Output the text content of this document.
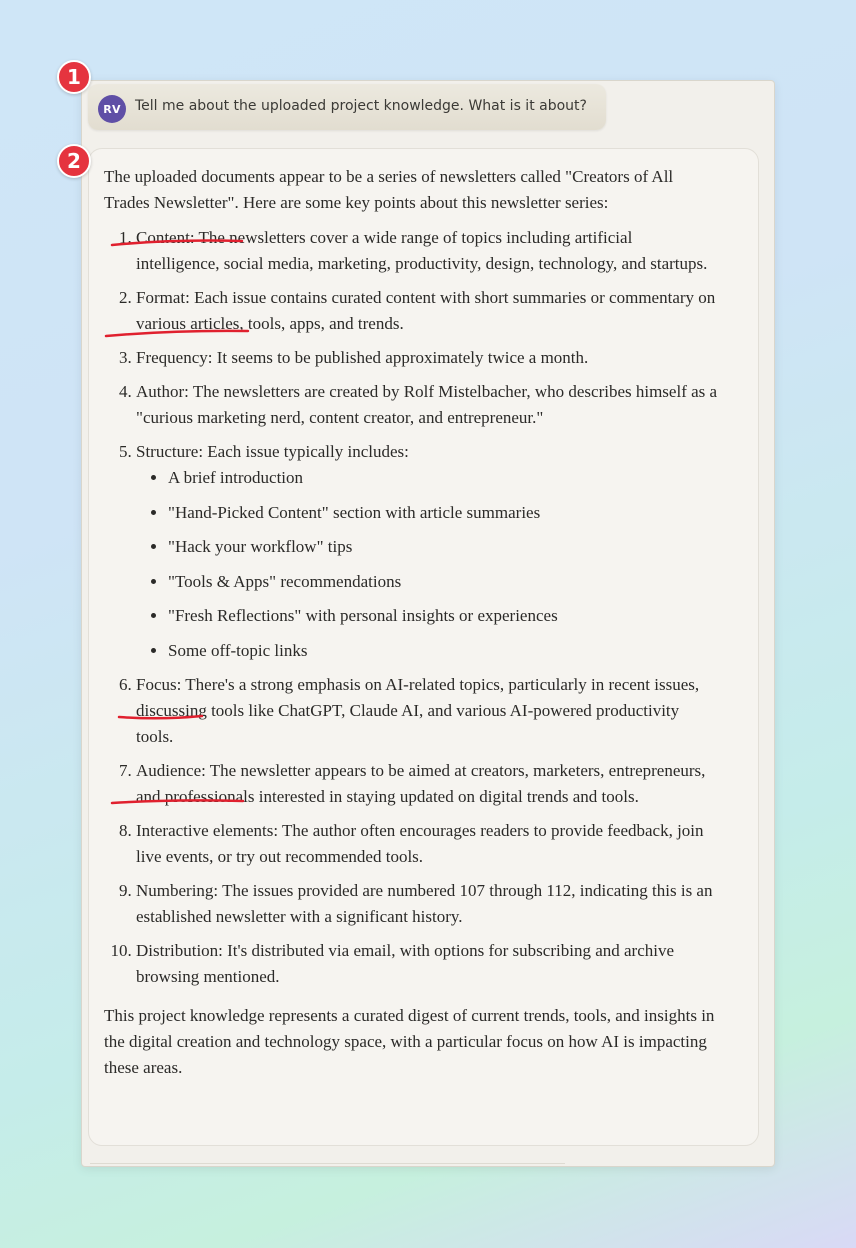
RV	Tell me about the uploaded project knowledge. What is it about?

The uploaded documents appear to be a series of newsletters called "Creators of All Trades Newsletter". Here are some key points about this newsletter series:

1. Content: The newsletters cover a wide range of topics including artificial intelligence, social media, marketing, productivity, design, technology, and startups.
2. Format: Each issue contains curated content with short summaries or commentary on various articles, tools, apps, and trends.
3. Frequency: It seems to be published approximately twice a month.
4. Author: The newsletters are created by Rolf Mistelbacher, who describes himself as a "curious marketing nerd, content creator, and entrepreneur."
5. Structure: Each issue typically includes:
• A brief introduction
• "Hand-Picked Content" section with article summaries
• "Hack your workflow" tips
• "Tools & Apps" recommendations
• "Fresh Reflections" with personal insights or experiences
• Some off-topic links
6. Focus: There's a strong emphasis on AI-related topics, particularly in recent issues, discussing tools like ChatGPT, Claude AI, and various AI-powered productivity tools.
7. Audience: The newsletter appears to be aimed at creators, marketers, entrepreneurs, and professionals interested in staying updated on digital trends and tools.
8. Interactive elements: The author often encourages readers to provide feedback, join live events, or try out recommended tools.
9. Numbering: The issues provided are numbered 107 through 112, indicating this is an established newsletter with a significant history.
10. Distribution: It's distributed via email, with options for subscribing and archive browsing mentioned.

This project knowledge represents a curated digest of current trends, tools, and insights in the digital creation and technology space, with a particular focus on how AI is impacting these areas.

1
2
